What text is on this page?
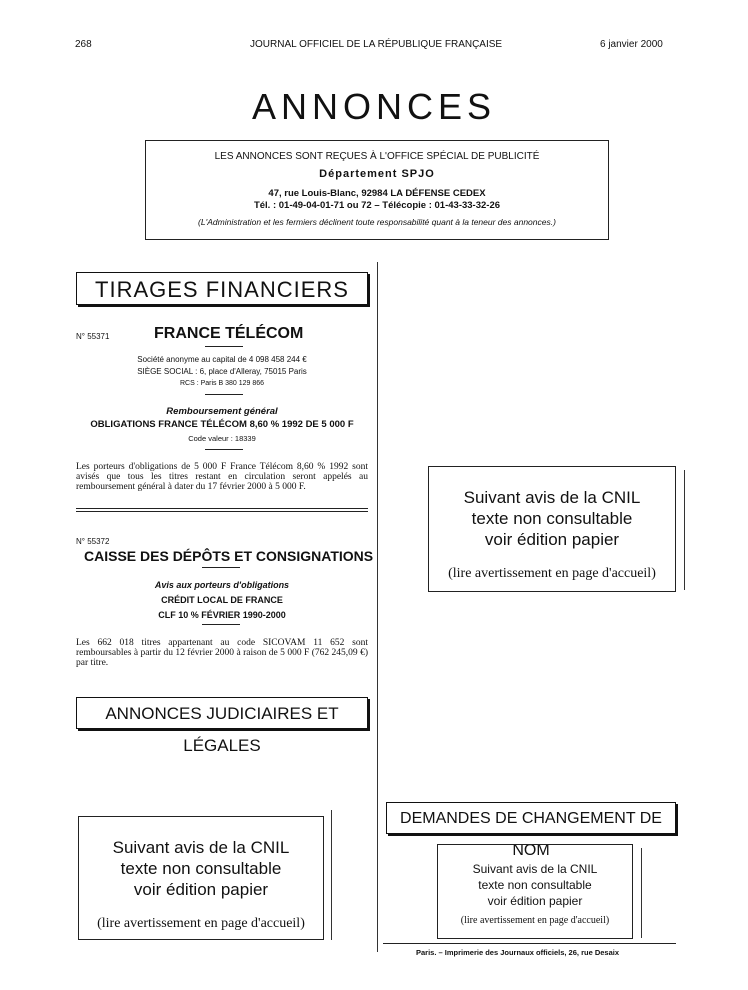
268	JOURNAL OFFICIEL DE LA RÉPUBLIQUE FRANÇAISE	6 janvier 2000
ANNONCES
LES ANNONCES SONT REÇUES À L'OFFICE SPÉCIAL DE PUBLICITÉ
Département SPJO
47, rue Louis-Blanc, 92984 LA DÉFENSE CEDEX
Tél. : 01-49-04-01-71 ou 72 – Télécopie : 01-43-33-32-26
(L'Administration et les fermiers déclinent toute responsabilité quant à la teneur des annonces.)
TIRAGES FINANCIERS
N° 55371	FRANCE TÉLÉCOM
Société anonyme au capital de 4 098 458 244 €
SIÈGE SOCIAL : 6, place d'Alleray, 75015 Paris
RCS : Paris B 380 129 866
Remboursement général
OBLIGATIONS FRANCE TÉLÉCOM 8,60 % 1992 DE 5 000 F
Code valeur : 18339
Les porteurs d'obligations de 5 000 F France Télécom 8,60 % 1992 sont avisés que tous les titres restant en circulation seront appelés au remboursement général à dater du 17 février 2000 à 5 000 F.
N° 55372
CAISSE DES DÉPÔTS ET CONSIGNATIONS
Avis aux porteurs d'obligations
CRÉDIT LOCAL DE FRANCE
CLF 10 % FÉVRIER 1990-2000
Les 662 018 titres appartenant au code SICOVAM 11 652 sont remboursables à partir du 12 février 2000 à raison de 5 000 F (762 245,09 €) par titre.
ANNONCES JUDICIAIRES ET LÉGALES
Suivant avis de la CNIL
texte non consultable
voir édition papier
(lire avertissement en page d'accueil)
Suivant avis de la CNIL
texte non consultable
voir édition papier
(lire avertissement en page d'accueil)
DEMANDES DE CHANGEMENT DE NOM
Suivant avis de la CNIL
texte non consultable
voir édition papier
(lire avertissement en page d'accueil)
Paris. – Imprimerie des Journaux officiels, 26, rue Desaix
